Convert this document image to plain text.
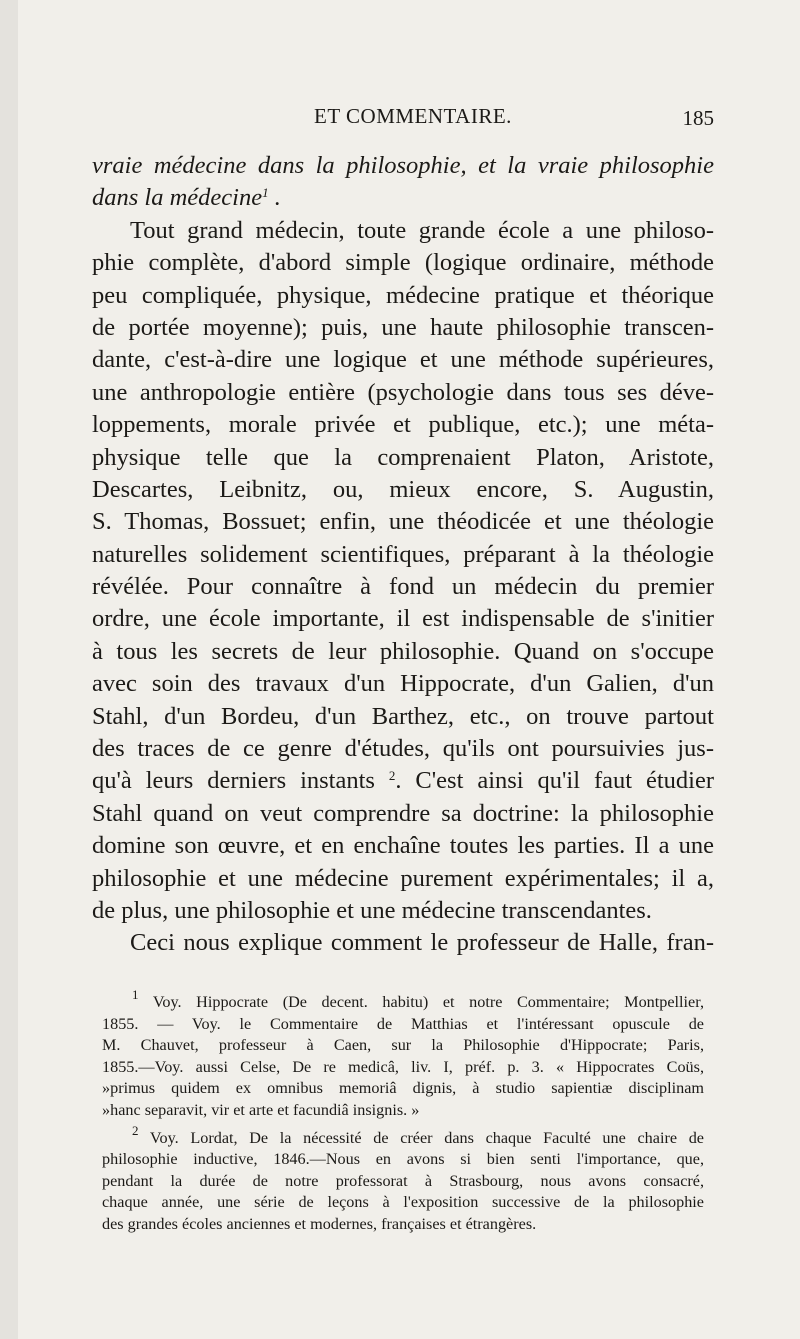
ET COMMENTAIRE.	185
vraie médecine dans la philosophie, et la vraie philosophie
dans la médecine$^1$ .
Tout grand médecin, toute grande école a une philoso-
phie complète, d'abord simple (logique ordinaire, méthode
peu compliquée, physique, médecine pratique et théorique
de portée moyenne); puis, une haute philosophie transcen-
dante, c'est-à-dire une logique et une méthode supérieures,
une anthropologie entière (psychologie dans tous ses déve-
loppements, morale privée et publique, etc.); une méta-
physique telle que la comprenaient Platon, Aristote,
Descartes, Leibnitz, ou, mieux encore, S. Augustin,
S. Thomas, Bossuet; enfin, une théodicée et une théologie
naturelles solidement scientifiques, préparant à la théologie
révélée. Pour connaître à fond un médecin du premier
ordre, une école importante, il est indispensable de s'initier
à tous les secrets de leur philosophie. Quand on s'occupe
avec soin des travaux d'un Hippocrate, d'un Galien, d'un
Stahl, d'un Bordeu, d'un Barthez, etc., on trouve partout
des traces de ce genre d'études, qu'ils ont poursuivies jus-
qu'à leurs derniers instants $^2$. C'est ainsi qu'il faut étudier
Stahl quand on veut comprendre sa doctrine: la philosophie
domine son œuvre, et en enchaîne toutes les parties. Il a une
philosophie et une médecine purement expérimentales; il a,
de plus, une philosophie et une médecine transcendantes.
Ceci nous explique comment le professeur de Halle, fran-
$^1$ Voy. Hippocrate (De decent. habitu) et notre Commentaire; Montpellier,
1855. — Voy. le Commentaire de Matthias et l'intéressant opuscule de
M. Chauvet, professeur à Caen, sur la Philosophie d'Hippocrate; Paris,
1855.—Voy. aussi Celse, De re medicâ, liv. I, préf. p. 3. « Hippocrates Coüs,
»primus quidem ex omnibus memoriâ dignis, à studio sapientiæ disciplinam
»hanc separavit, vir et arte et facundiâ insignis. »
$^2$ Voy. Lordat, De la nécessité de créer dans chaque Faculté une chaire de
philosophie inductive, 1846.—Nous en avons si bien senti l'importance, que,
pendant la durée de notre professorat à Strasbourg, nous avons consacré,
chaque année, une série de leçons à l'exposition successive de la philosophie
des grandes écoles anciennes et modernes, françaises et étrangères.
